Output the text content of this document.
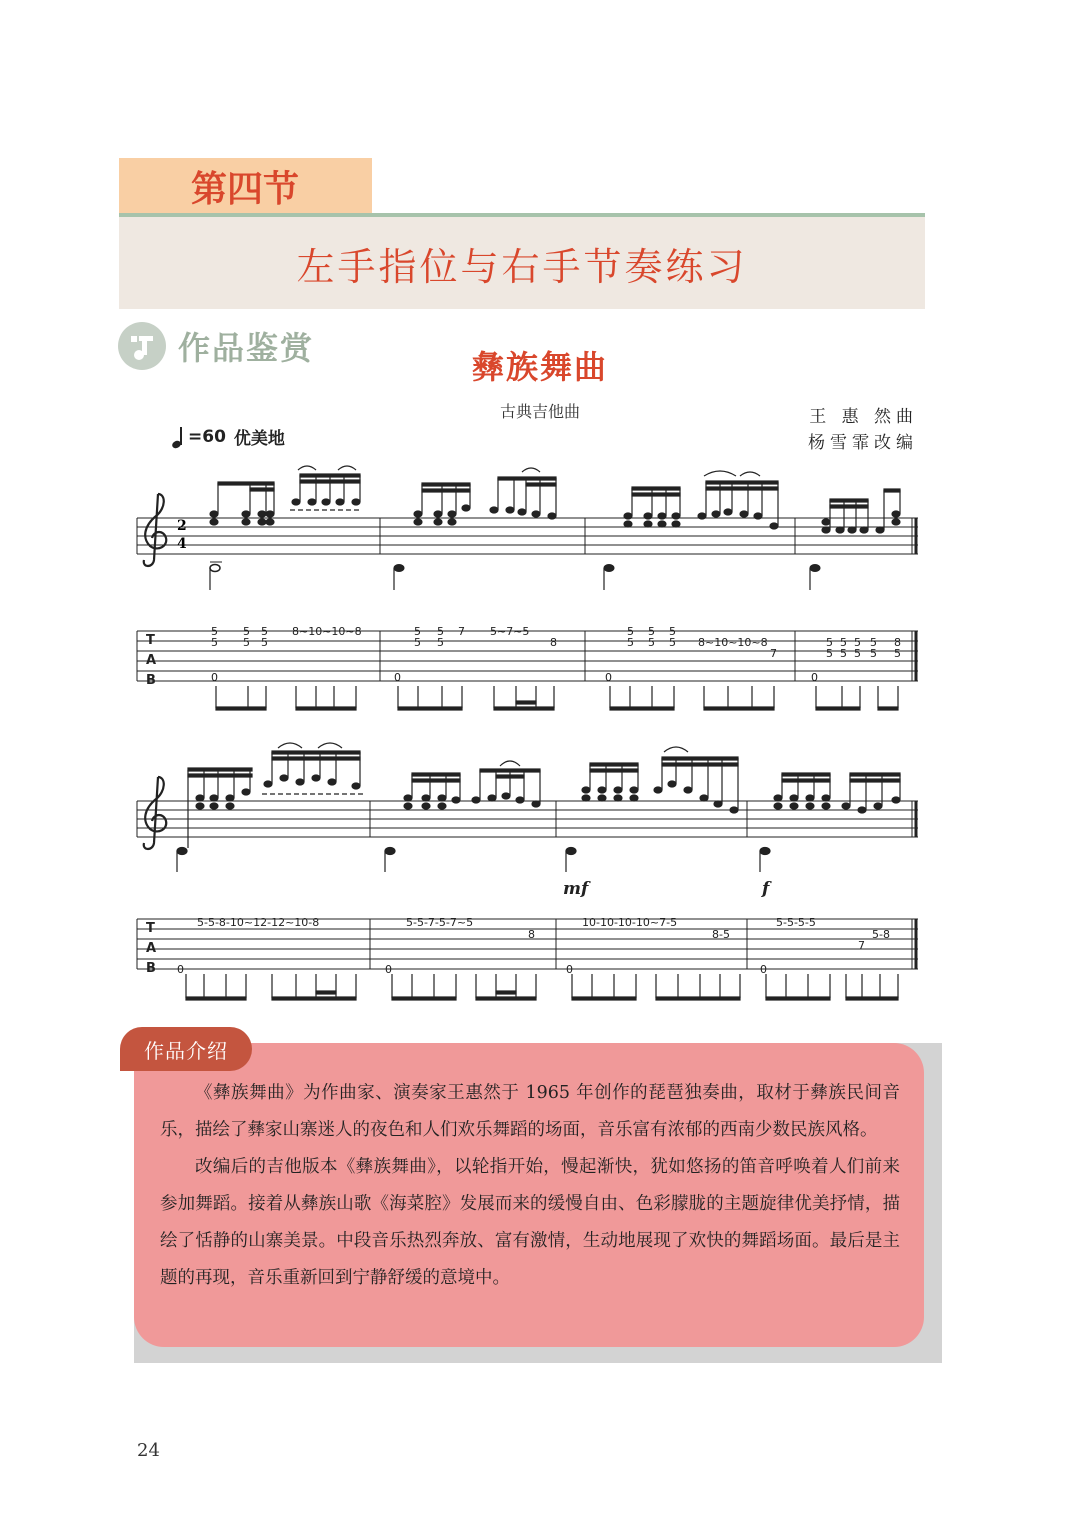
第四节
左手指位与右手节奏练习
作品鉴赏	彝族舞曲
古典吉他曲	王 惠 然曲
杨雪霏改编
=60 优美地
2
4
T
A
B
5
5
5
5
5
5
8~10~10~8
0
5
5
5
5
7 5~7~5
8
0
5
5
5
5
5
5 8~10~10~8
7
0
5
5
5
5
5
5
5
5
8
5
0
mf	f
T
A
B
5-5-8-10~12-12~10-8
0
5-5-7-5-7~5
8
0
10-10-10-10~7-5
8-5
0
5-5-5-5
7
5-8
0
作品介绍

《彝族舞曲》为作曲家、演奏家王惠然于 1965 年创作的琵琶独奏曲，取材于彝族民间音乐，描绘了彝家山寨迷人的夜色和人们欢乐舞蹈的场面，音乐富有浓郁的西南少数民族风格。

改编后的吉他版本《彝族舞曲》，以轮指开始，慢起渐快，犹如悠扬的笛音呼唤着人们前来参加舞蹈。接着从彝族山歌《海菜腔》发展而来的缓慢自由、色彩朦胧的主题旋律优美抒情，描绘了恬静的山寨美景。中段音乐热烈奔放、富有激情，生动地展现了欢快的舞蹈场面。最后是主题的再现，音乐重新回到宁静舒缓的意境中。

24
